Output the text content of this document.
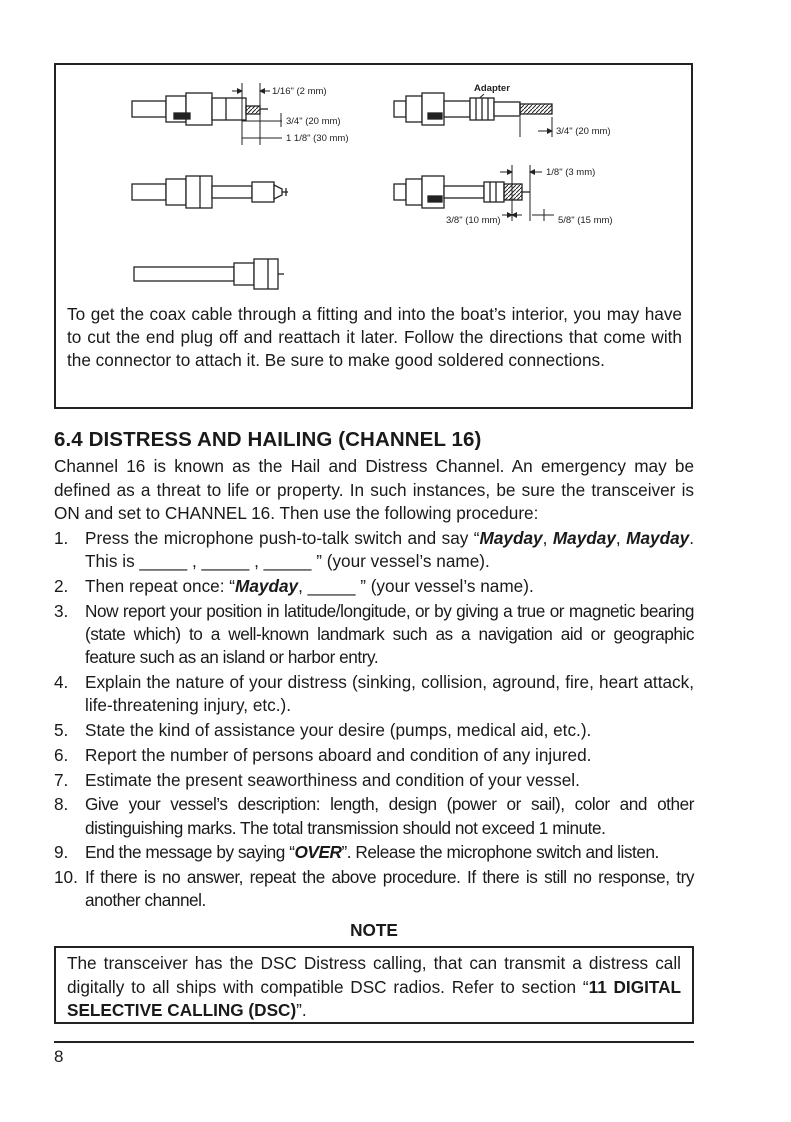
1/16" (2 mm)
3/4" (20 mm)
1 1/8" (30 mm)
Adapter
3/4" (20 mm)
1/8" (3 mm)
3/8" (10 mm)	5/8" (15 mm)
To get the coax cable through a fitting and into the boat’s interior, you may have to cut the end plug off and reattach it later. Follow the directions that come with the connector to attach it. Be sure to make good soldered connections.
6.4 DISTRESS AND HAILING (CHANNEL 16)
Channel 16 is known as the Hail and Distress Channel. An emergency may be defined as a threat to life or property. In such instances, be sure the transceiver is ON and set to CHANNEL 16. Then use the following procedure:
1. Press the microphone push-to-talk switch and say “Mayday, Mayday, Mayday. This is _____ , _____ , _____ ” (your vessel’s name).
2. Then repeat once: “Mayday, _____ ” (your vessel’s name).
3. Now report your position in latitude/longitude, or by giving a true or magnetic bearing (state which) to a well-known landmark such as a navigation aid or geographic feature such as an island or harbor entry.
4. Explain the nature of your distress (sinking, collision, aground, fire, heart attack, life-threatening injury, etc.).
5. State the kind of assistance your desire (pumps, medical aid, etc.).
6. Report the number of persons aboard and condition of any injured.
7. Estimate the present seaworthiness and condition of your vessel.
8. Give your vessel’s description: length, design (power or sail), color and other distinguishing marks. The total transmission should not exceed 1 minute.
9. End the message by saying “OVER”. Release the microphone switch and listen.
10. If there is no answer, repeat the above procedure. If there is still no response, try another channel.
NOTE
The transceiver has the DSC Distress calling, that can transmit a distress call digitally to all ships with compatible DSC radios. Refer to section “11 DIGITAL SELECTIVE CALLING (DSC)”.
8
